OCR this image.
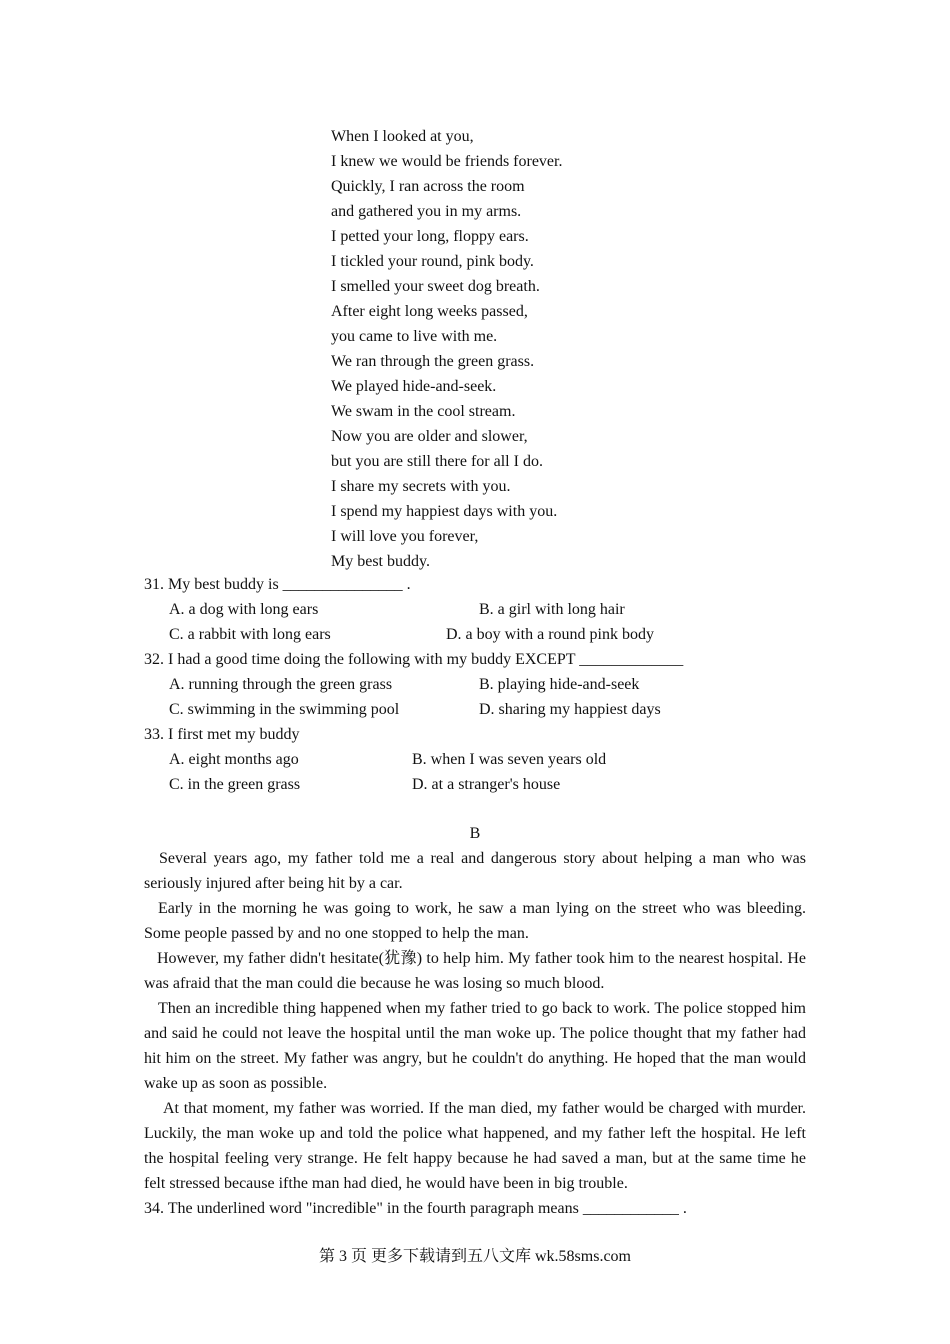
When I looked at you,
I knew we would be friends forever.
Quickly, I ran across the room
and gathered you in my arms.
I petted your long, floppy ears.
I tickled your round, pink body.
I smelled your sweet dog breath.
After eight long weeks passed,
you came to live with me.
We ran through the green grass.
We played hide-and-seek.
We swam in the cool stream.
Now you are older and slower,
but you are still there for all I do.
I share my secrets with you.
I spend my happiest days with you.
I will love you forever,
My best buddy.
31. My best buddy is _______________ .
A. a dog with long ears	B. a girl with long hair
C. a rabbit with long ears	D. a boy with a round pink body
32. I had a good time doing the following with my buddy EXCEPT _____________
A. running through the green grass	B. playing hide-and-seek
C. swimming in the swimming pool	D. sharing my happiest days
33. I first met my buddy
A. eight months ago	B. when I was seven years old
C. in the green grass	D. at a stranger's house
B

Several years ago, my father told me a real and dangerous story about helping a man who was seriously injured after being hit by a car.

Early in the morning he was going to work, he saw a man lying on the street who was bleeding. Some people passed by and no one stopped to help the man.

However, my father didn't hesitate(犹豫) to help him. My father took him to the nearest hospital. He was afraid that the man could die because he was losing so much blood.

Then an incredible thing happened when my father tried to go back to work. The police stopped him and said he could not leave the hospital until the man woke up. The police thought that my father had hit him on the street. My father was angry, but he couldn't do anything. He hoped that the man would wake up as soon as possible.

At that moment, my father was worried. If the man died, my father would be charged with murder. Luckily, the man woke up and told the police what happened, and my father left the hospital. He left the hospital feeling very strange. He felt happy because he had saved a man, but at the same time he felt stressed because ifthe man had died, he would have been in big trouble.

34. The underlined word "incredible" in the fourth paragraph means ____________ .

第 3 页 更多下载请到五八文库 wk.58sms.com
